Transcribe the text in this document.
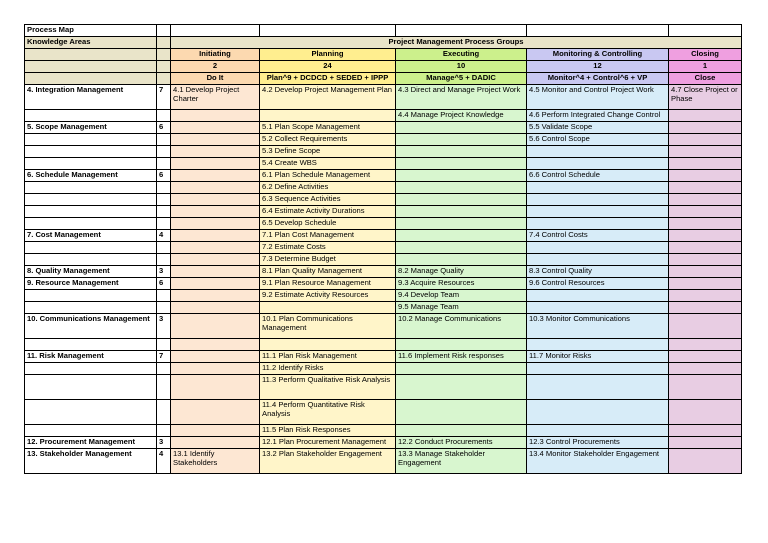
Process Map						
Knowledge Areas		Project Management Process Groups				
		Initiating	Planning	Executing	Monitoring & Controlling	Closing
		2	24	10	12	1
		Do It	Plan^9 + DCDCD + SEDED + IPPP	Manage^5 + DADIC	Monitor^4 + Control^6 + VP	Close
4. Integration Management	7	4.1 Develop Project Charter	4.2 Develop Project Management Plan	4.3 Direct and Manage Project Work	4.5 Monitor and Control Project Work	4.7 Close Project or Phase
				4.4 Manage Project Knowledge	4.6 Perform Integrated Change Control	
5. Scope Management	6		5.1 Plan Scope Management		5.5 Validate Scope	
			5.2 Collect Requirements		5.6 Control Scope	
			5.3 Define Scope			
			5.4 Create WBS			
6. Schedule Management	6		6.1 Plan Schedule Management		6.6 Control Schedule	
			6.2 Define Activities			
			6.3 Sequence Activities			
			6.4 Estimate Activity Durations			
			6.5 Develop Schedule			
7. Cost Management	4		7.1 Plan Cost Management		7.4 Control Costs	
			7.2 Estimate Costs			
			7.3 Determine Budget			
8. Quality Management	3		8.1 Plan Quality Management	8.2 Manage Quality	8.3 Control Quality	
9. Resource Management	6		9.1 Plan Resource Management	9.3 Acquire Resources	9.6 Control Resources	
			9.2 Estimate Activity Resources	9.4 Develop Team		
				9.5 Manage Team		
10. Communications Management	3		10.1 Plan Communications Management	10.2 Manage Communications	10.3 Monitor Communications	

11. Risk Management	7		11.1 Plan Risk Management	11.6 Implement Risk responses	11.7 Monitor Risks	
			11.2 Identify Risks			
			11.3 Perform Qualitative Risk Analysis			
			11.4 Perform Quantitative Risk Analysis			
			11.5 Plan Risk Responses			
12. Procurement Management	3		12.1 Plan Procurement Management	12.2 Conduct Procurements	12.3 Control Procurements	
13. Stakeholder Management	4	13.1 Identify Stakeholders	13.2 Plan Stakeholder Engagement	13.3 Manage Stakeholder Engagement	13.4 Monitor Stakeholder Engagement	
